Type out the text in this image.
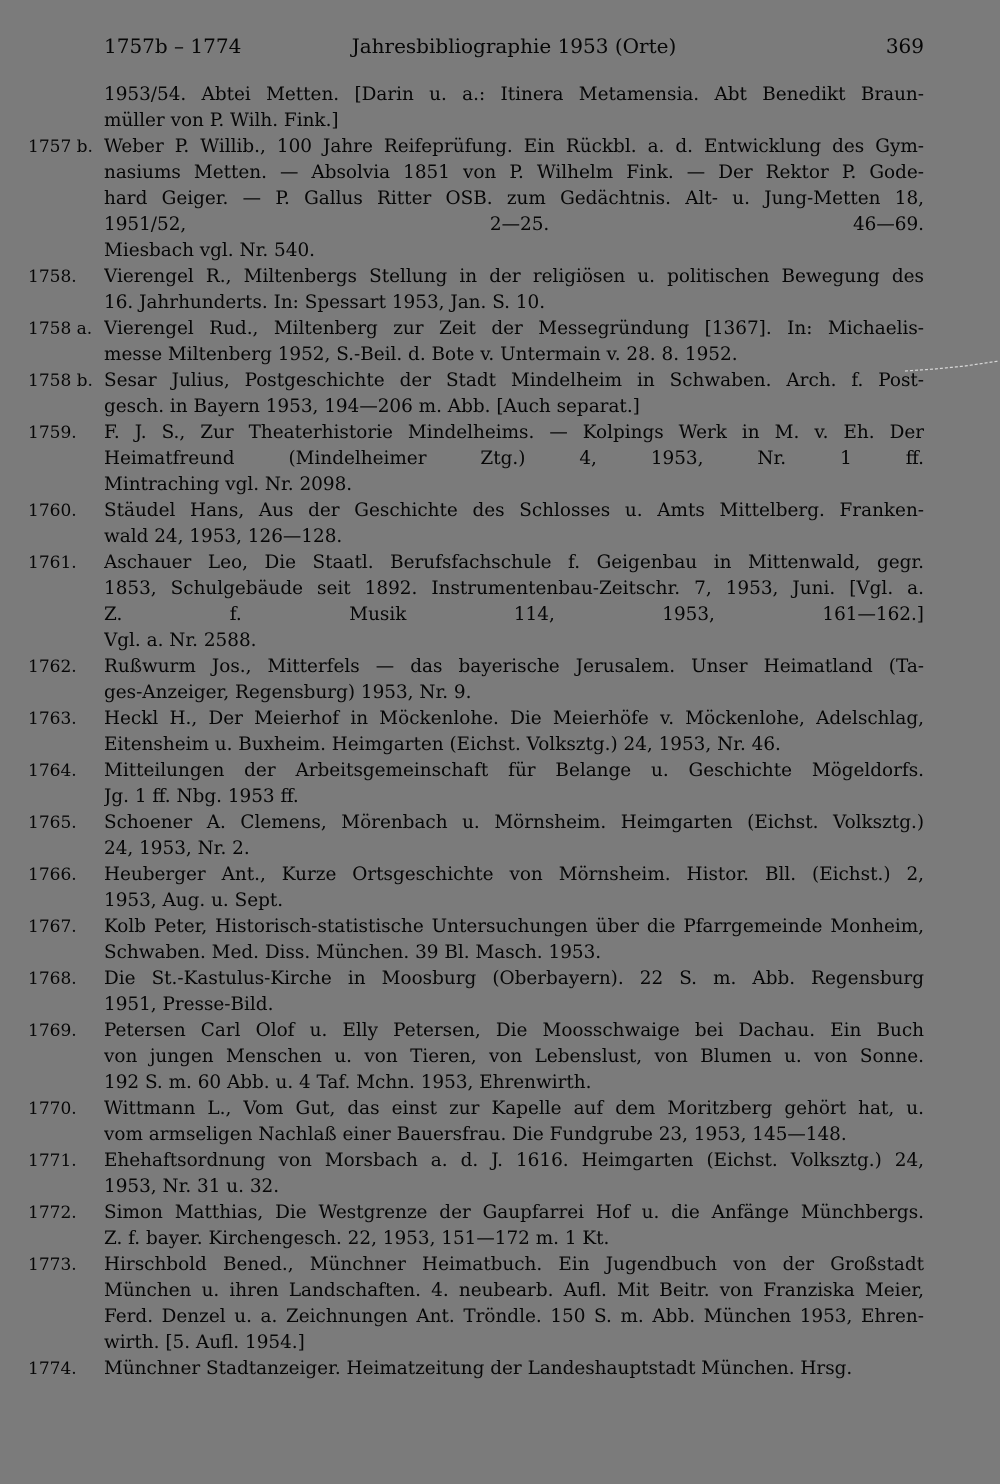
1757b – 1774	Jahresbibliographie 1953 (Orte)	369
1953/54. Abtei Metten. [Darin u. a.: Itinera Metamensia. Abt Benedikt Braun-
müller von P. Wilh. Fink.]
1757 b. Weber P. Willib., 100 Jahre Reifeprüfung. Ein Rückbl. a. d. Entwicklung des Gym-
nasiums Metten. — Absolvia 1851 von P. Wilhelm Fink. — Der Rektor P. Gode-
hard Geiger. — P. Gallus Ritter OSB. zum Gedächtnis. Alt- u. Jung-Metten 18,
1951/52, 2—25. 46—69.
Miesbach vgl. Nr. 540.
1758.	Vierengel R., Miltenbergs Stellung in der religiösen u. politischen Bewegung des
16. Jahrhunderts. In: Spessart 1953, Jan. S. 10.
1758 a. Vierengel Rud., Miltenberg zur Zeit der Messegründung [1367]. In: Michaelis-
messe Miltenberg 1952, S.-Beil. d. Bote v. Untermain v. 28. 8. 1952.
1758 b. Sesar Julius, Postgeschichte der Stadt Mindelheim in Schwaben. Arch. f. Post-
gesch. in Bayern 1953, 194—206 m. Abb. [Auch separat.]
1759.	F. J. S., Zur Theaterhistorie Mindelheims. — Kolpings Werk in M. v. Eh. Der
Heimatfreund (Mindelheimer Ztg.) 4, 1953, Nr. 1 ff.
Mintraching vgl. Nr. 2098.
1760.	Stäudel Hans, Aus der Geschichte des Schlosses u. Amts Mittelberg. Franken-
wald 24, 1953, 126—128.
1761.	Aschauer Leo, Die Staatl. Berufsfachschule f. Geigenbau in Mittenwald, gegr.
1853, Schulgebäude seit 1892. Instrumentenbau-Zeitschr. 7, 1953, Juni. [Vgl. a.
Z. f. Musik 114, 1953, 161—162.]
Vgl. a. Nr. 2588.
1762.	Rußwurm Jos., Mitterfels — das bayerische Jerusalem. Unser Heimatland (Ta-
ges-Anzeiger, Regensburg) 1953, Nr. 9.
1763.	Heckl H., Der Meierhof in Möckenlohe. Die Meierhöfe v. Möckenlohe, Adelschlag,
Eitensheim u. Buxheim. Heimgarten (Eichst. Volksztg.) 24, 1953, Nr. 46.
1764.	Mitteilungen der Arbeitsgemeinschaft für Belange u. Geschichte Mögeldorfs.
Jg. 1 ff. Nbg. 1953 ff.
1765.	Schoener A. Clemens, Mörenbach u. Mörnsheim. Heimgarten (Eichst. Volksztg.)
24, 1953, Nr. 2.
1766.	Heuberger Ant., Kurze Ortsgeschichte von Mörnsheim. Histor. Bll. (Eichst.) 2,
1953, Aug. u. Sept.
1767.	Kolb Peter, Historisch-statistische Untersuchungen über die Pfarrgemeinde Monheim,
Schwaben. Med. Diss. München. 39 Bl. Masch. 1953.
1768.	Die St.-Kastulus-Kirche in Moosburg (Oberbayern). 22 S. m. Abb. Regensburg
1951, Presse-Bild.
1769.	Petersen Carl Olof u. Elly Petersen, Die Moosschwaige bei Dachau. Ein Buch
von jungen Menschen u. von Tieren, von Lebenslust, von Blumen u. von Sonne.
192 S. m. 60 Abb. u. 4 Taf. Mchn. 1953, Ehrenwirth.
1770.	Wittmann L., Vom Gut, das einst zur Kapelle auf dem Moritzberg gehört hat, u.
vom armseligen Nachlaß einer Bauersfrau. Die Fundgrube 23, 1953, 145—148.
1771.	Ehehaftsordnung von Morsbach a. d. J. 1616. Heimgarten (Eichst. Volksztg.) 24,
1953, Nr. 31 u. 32.
1772.	Simon Matthias, Die Westgrenze der Gaupfarrei Hof u. die Anfänge Münchbergs.
Z. f. bayer. Kirchengesch. 22, 1953, 151—172 m. 1 Kt.
1773.	Hirschbold Bened., Münchner Heimatbuch. Ein Jugendbuch von der Großstadt
München u. ihren Landschaften. 4. neubearb. Aufl. Mit Beitr. von Franziska Meier,
Ferd. Denzel u. a. Zeichnungen Ant. Tröndle. 150 S. m. Abb. München 1953, Ehren-
wirth. [5. Aufl. 1954.]
1774.	Münchner Stadtanzeiger. Heimatzeitung der Landeshauptstadt München. Hrsg.
